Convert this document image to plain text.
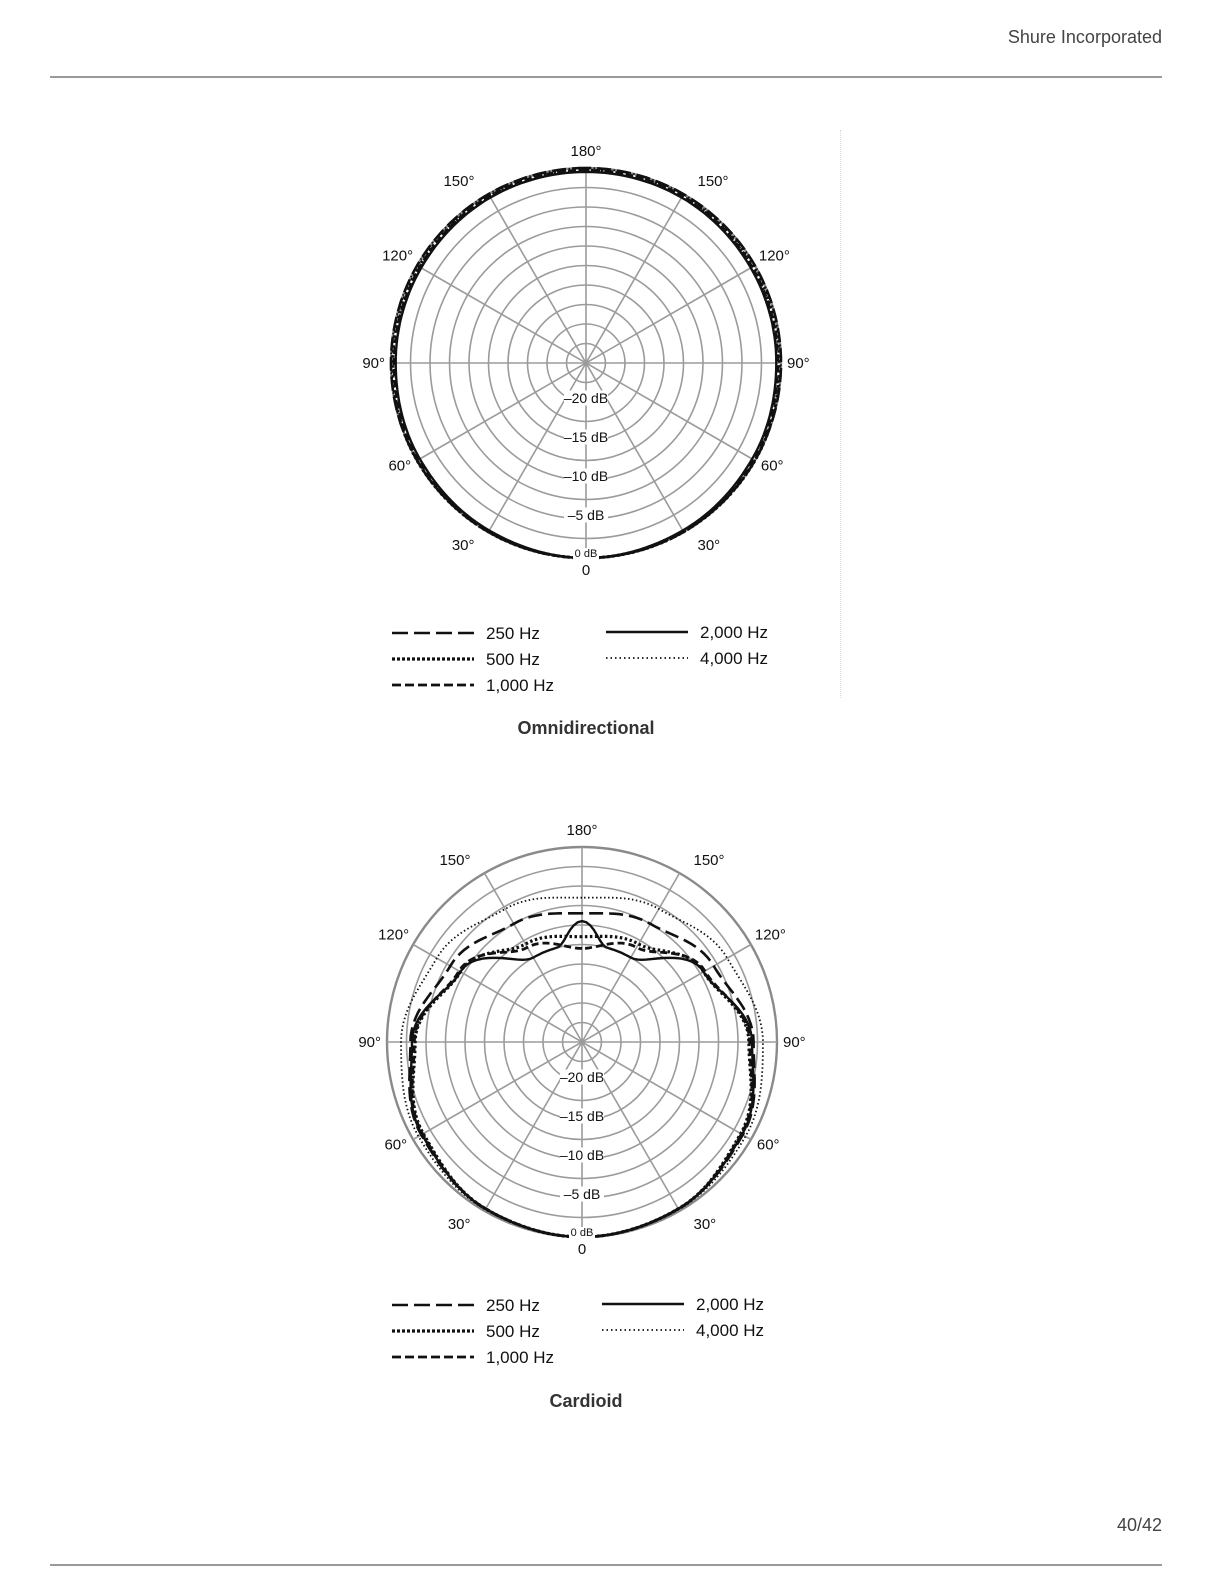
Shure Incorporated
180°
150°	150°
120°	120°
90°	90°
60°	60°
30°	30°
0
–20 dB
–15 dB
–10 dB
–5 dB
0 dB
250 Hz
500 Hz
1,000 Hz
2,000 Hz
4,000 Hz
Omnidirectional
180°
150°	150°
120°	120°
90°	90°
60°	60°
30°	30°
0
–20 dB
–15 dB
–10 dB
–5 dB
0 dB
250 Hz
500 Hz
1,000 Hz
2,000 Hz
4,000 Hz
Cardioid
40/42
